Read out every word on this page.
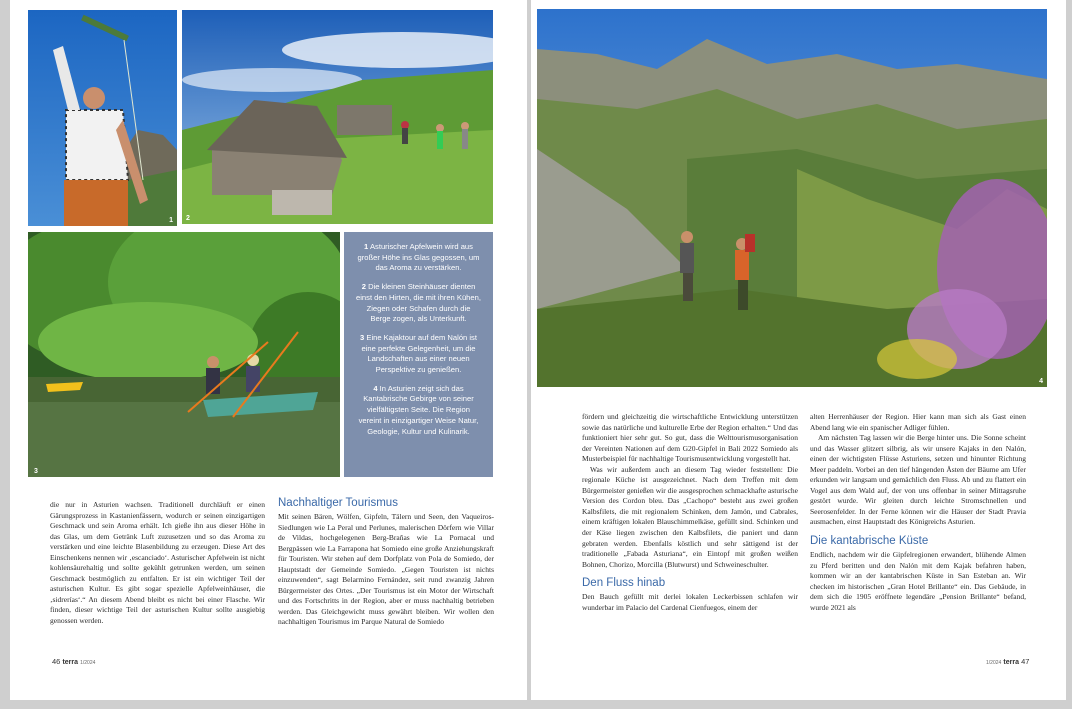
1 2
3

1 Asturischer Apfelwein wird aus großer Höhe ins Glas gegossen, um das Aroma zu verstärken.

2 Die kleinen Steinhäuser dienten einst den Hirten, die mit ihren Kühen, Ziegen oder Schafen durch die Berge zogen, als Unterkunft.

3 Eine Kajaktour auf dem Nalón ist eine perfekte Gelegenheit, um die Landschaften aus einer neuen Perspektive zu genießen.

4 In Asturien zeigt sich das Kantabrische Gebirge von seiner vielfältigsten Seite. Die Region vereint in einzigartiger Weise Natur, Geologie, Kultur und Kulinarik.

die nur in Asturien wachsen. Traditionell durchläuft er einen Gärungsprozess in Kastanienfässern, wodurch er seinen einzigartigen Geschmack und sein Aroma erhält. Ich gieße ihn aus dieser Höhe in das Glas, um dem Getränk Luft zuzusetzen und so das Aroma zu verstärken und eine leichte Blasenbildung zu erzeugen. Diese Art des Einschenkens nennen wir ‚escanciado‘. Asturischer Apfelwein ist nicht kohlensäurehaltig und sollte gekühlt getrunken werden, um seinen Geschmack bestmöglich zu entfalten. Er ist ein wichtiger Teil der asturischen Kultur. Es gibt sogar spezielle Apfelweinhäuser, die ‚sidrerías‘.“ An diesem Abend bleibt es nicht bei einer Flasche. Wir finden, dieser wichtige Teil der asturischen Kultur sollte ausgiebig genossen werden.

Nachhaltiger Tourismus

Mit seinen Bären, Wölfen, Gipfeln, Tälern und Seen, den Vaqueiros-Siedlungen wie La Peral und Perlunes, malerischen Dörfern wie Villar de Vildas, hochgelegenen Berg-Brañas wie La Pornacal und Bergpässen wie La Farrapona hat Somiedo eine große Anziehungskraft für Touristen. Wir stehen auf dem Dorfplatz von Pola de Somiedo, der Hauptstadt der Gemeinde Somiedo. „Gegen Touristen ist nichts einzuwenden“, sagt Belarmino Fernández, seit rund zwanzig Jahren Bürgermeister des Ortes. „Der Tourismus ist ein Motor der Wirtschaft und des Fortschritts in der Region, aber er muss nachhaltig betrieben werden. Das Gleichgewicht muss gewährt bleiben. Wir wollen den nachhaltigen Tourismus im Parque Natural de Somiedo

46 terra 1/2024
4

fördern und gleichzeitig die wirtschaftliche Entwicklung unterstützen sowie das natürliche und kulturelle Erbe der Region erhalten.“ Und das funktioniert hier sehr gut. So gut, dass die Welttourismusorganisation der Vereinten Nationen auf dem G20-Gipfel in Bali 2022 Somiedo als Musterbeispiel für nachhaltige Tourismusentwicklung vorgestellt hat.

Was wir außerdem auch an diesem Tag wieder feststellen: Die regionale Küche ist ausgezeichnet. Nach dem Treffen mit dem Bürgermeister genießen wir die ausgesprochen schmackhafte asturische Version des Cordon bleu. Das „Cachopo“ besteht aus zwei großen Kalbsfilets, die mit regionalem Schinken, dem Jamón, und Cabrales, einem kräftigen lokalen Blauschimmelkäse, gefüllt sind. Schinken und der Käse liegen zwischen den Kalbsfilets, die paniert und dann gebraten werden. Ebenfalls köstlich und sehr sättigend ist der traditionelle „Fabada Asturiana“, ein Eintopf mit großen weißen Bohnen, Chorizo, Morcilla (Blutwurst) und Schweineschulter.

Den Fluss hinab

Den Bauch gefüllt mit derlei lokalen Leckerbissen schlafen wir wunderbar im Palacio del Cardenal Cienfuegos, einem der

alten Herrenhäuser der Region. Hier kann man sich als Gast einen Abend lang wie ein spanischer Adliger fühlen.

Am nächsten Tag lassen wir die Berge hinter uns. Die Sonne scheint und das Wasser glitzert silbrig, als wir unsere Kajaks in den Nalón, einen der wichtigsten Flüsse Asturiens, setzen und hinunter Richtung Meer paddeln. Vorbei an den tief hängenden Ästen der Bäume am Ufer erkunden wir langsam und gemächlich den Fluss. Ab und zu flattert ein Vogel aus dem Wald auf, der von uns offenbar in seiner Mittagsruhe gestört wurde. Wir gleiten durch leichte Stromschnellen und Seerosenfelder. In der Ferne können wir die Häuser der Stadt Pravia ausmachen, einst Hauptstadt des Königreichs Asturien.

Die kantabrische Küste

Endlich, nachdem wir die Gipfelregionen erwandert, blühende Almen zu Pferd beritten und den Nalón mit dem Kajak befahren haben, kommen wir an der kantabrischen Küste in San Esteban an. Wir checken im historischen „Gran Hotel Brillante“ ein. Das Gebäude, in dem sich die 1905 eröffnete legendäre „Pension Brillante“ befand, wurde 2021 als

1/2024 terra 47
